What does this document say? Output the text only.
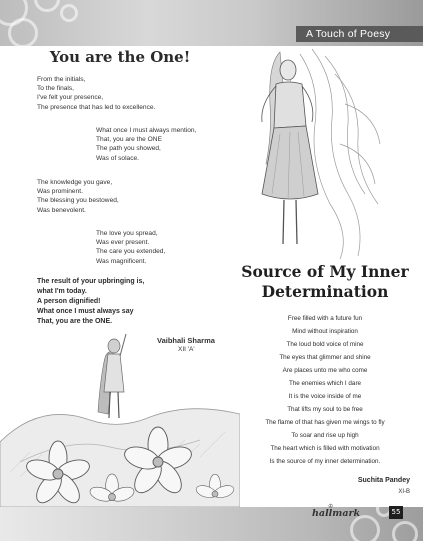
A Touch of Poesy
You are the One!
From the initials,
To the finals,
I've felt your presence,
The presence that has led to excellence.
What once I must always mention,
That, you are the ONE
The path you showed,
Was of solace.
The knowledge you gave,
Was prominent.
The blessing you bestowed,
Was benevolent.
The love you spread,
Was ever present.
The care you extended,
Was magnificent.
The result of your upbringing is,
what I'm today.
A person dignified!
What once I must always say
That, you are the ONE.
Vaibhali Sharma
XII 'A'
Source of My Inner
Determination
Free filled with a future fun
Mind without inspiration
The loud bold voice of mine
The eyes that glimmer and shine
Are places unto me who come
The enemies which I dare
It is the voice inside of me
That lifts my soul to be free
The flame of that has given me wings to fly
To soar and rise up high
The heart which is filled with motivation
Is the source of my inner determination.
Suchita Pandey
XI-B
♔
hallmark	55
